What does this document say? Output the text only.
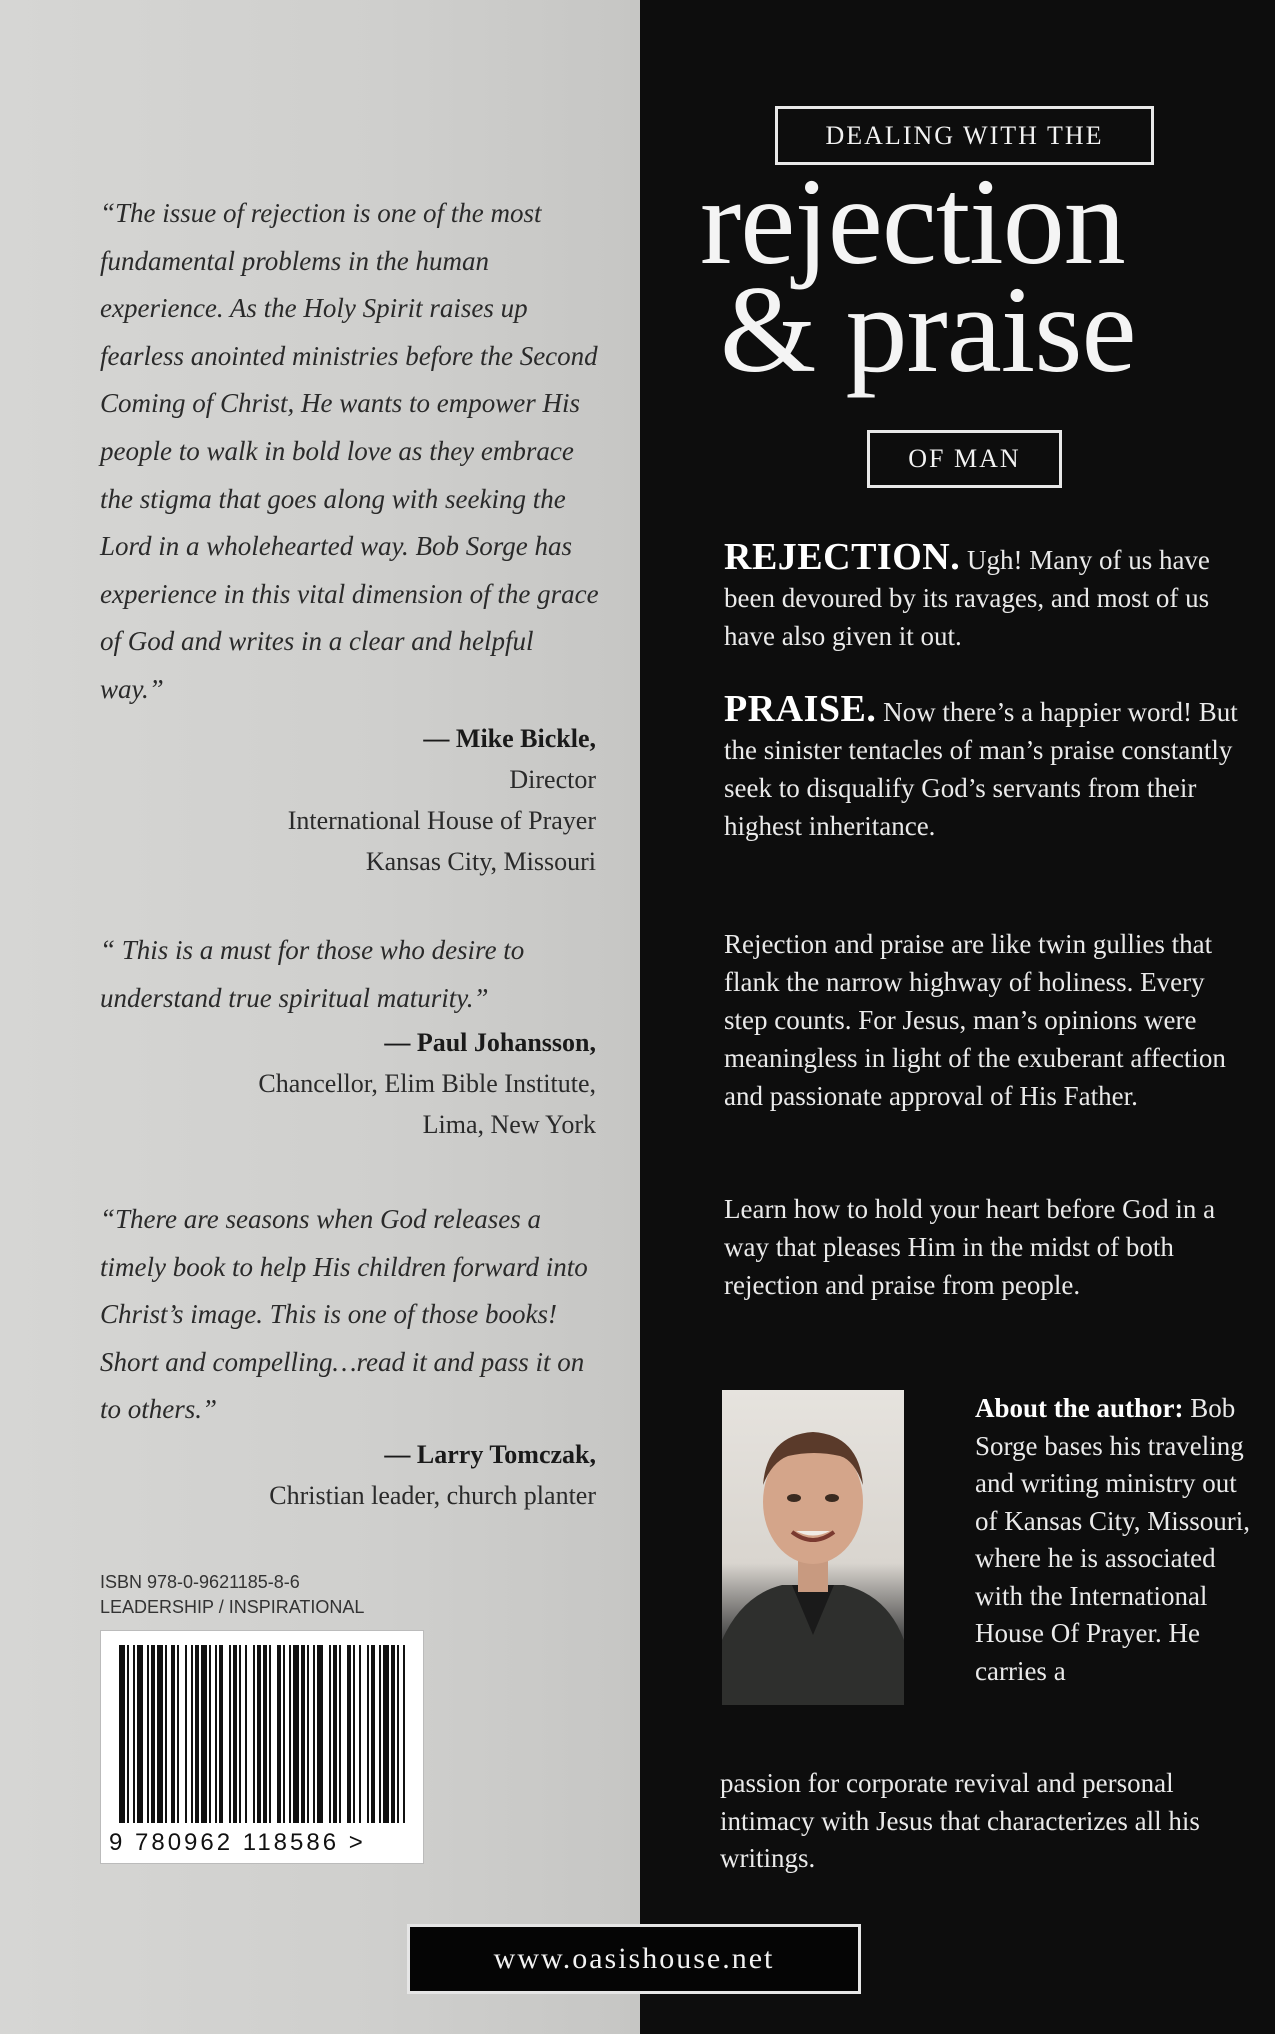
“The issue of rejection is one of the most fundamental problems in the human experience. As the Holy Spirit raises up fearless anointed ministries before the Second Coming of Christ, He wants to empower His people to walk in bold love as they embrace the stigma that goes along with seeking the Lord in a wholehearted way. Bob Sorge has experience in this vital dimension of the grace of God and writes in a clear and helpful way.”

— Mike Bickle,
Director
International House of Prayer
Kansas City, Missouri

“ This is a must for those who desire to understand true spiritual maturity.”

— Paul Johansson,
Chancellor, Elim Bible Institute,
Lima, New York

“There are seasons when God releases a timely book to help His children forward into Christ’s image. This is one of those books! Short and compelling…read it and pass it on to others.”

— Larry Tomczak,
Christian leader, church planter

ISBN 978-0-9621185-8-6
LEADERSHIP / INSPIRATIONAL
9 780962 118586 >
DEALING WITH THE
rejection
& praise
OF MAN

REJECTION. Ugh! Many of us have been devoured by its ravages, and most of us have also given it out.

PRAISE. Now there’s a happier word! But the sinister tentacles of man’s praise constantly seek to disqualify God’s servants from their highest inheritance.

Rejection and praise are like twin gullies that flank the narrow highway of holiness. Every step counts. For Jesus, man’s opinions were meaningless in light of the exuberant affection and passionate approval of His Father.

Learn how to hold your heart before God in a way that pleases Him in the midst of both rejection and praise from people.

About the author: Bob Sorge bases his traveling and writing ministry out of Kansas City, Missouri, where he is associated with the International House Of Prayer. He carries a

passion for corporate revival and personal intimacy with Jesus that characterizes all his writings.

www.oasishouse.net
